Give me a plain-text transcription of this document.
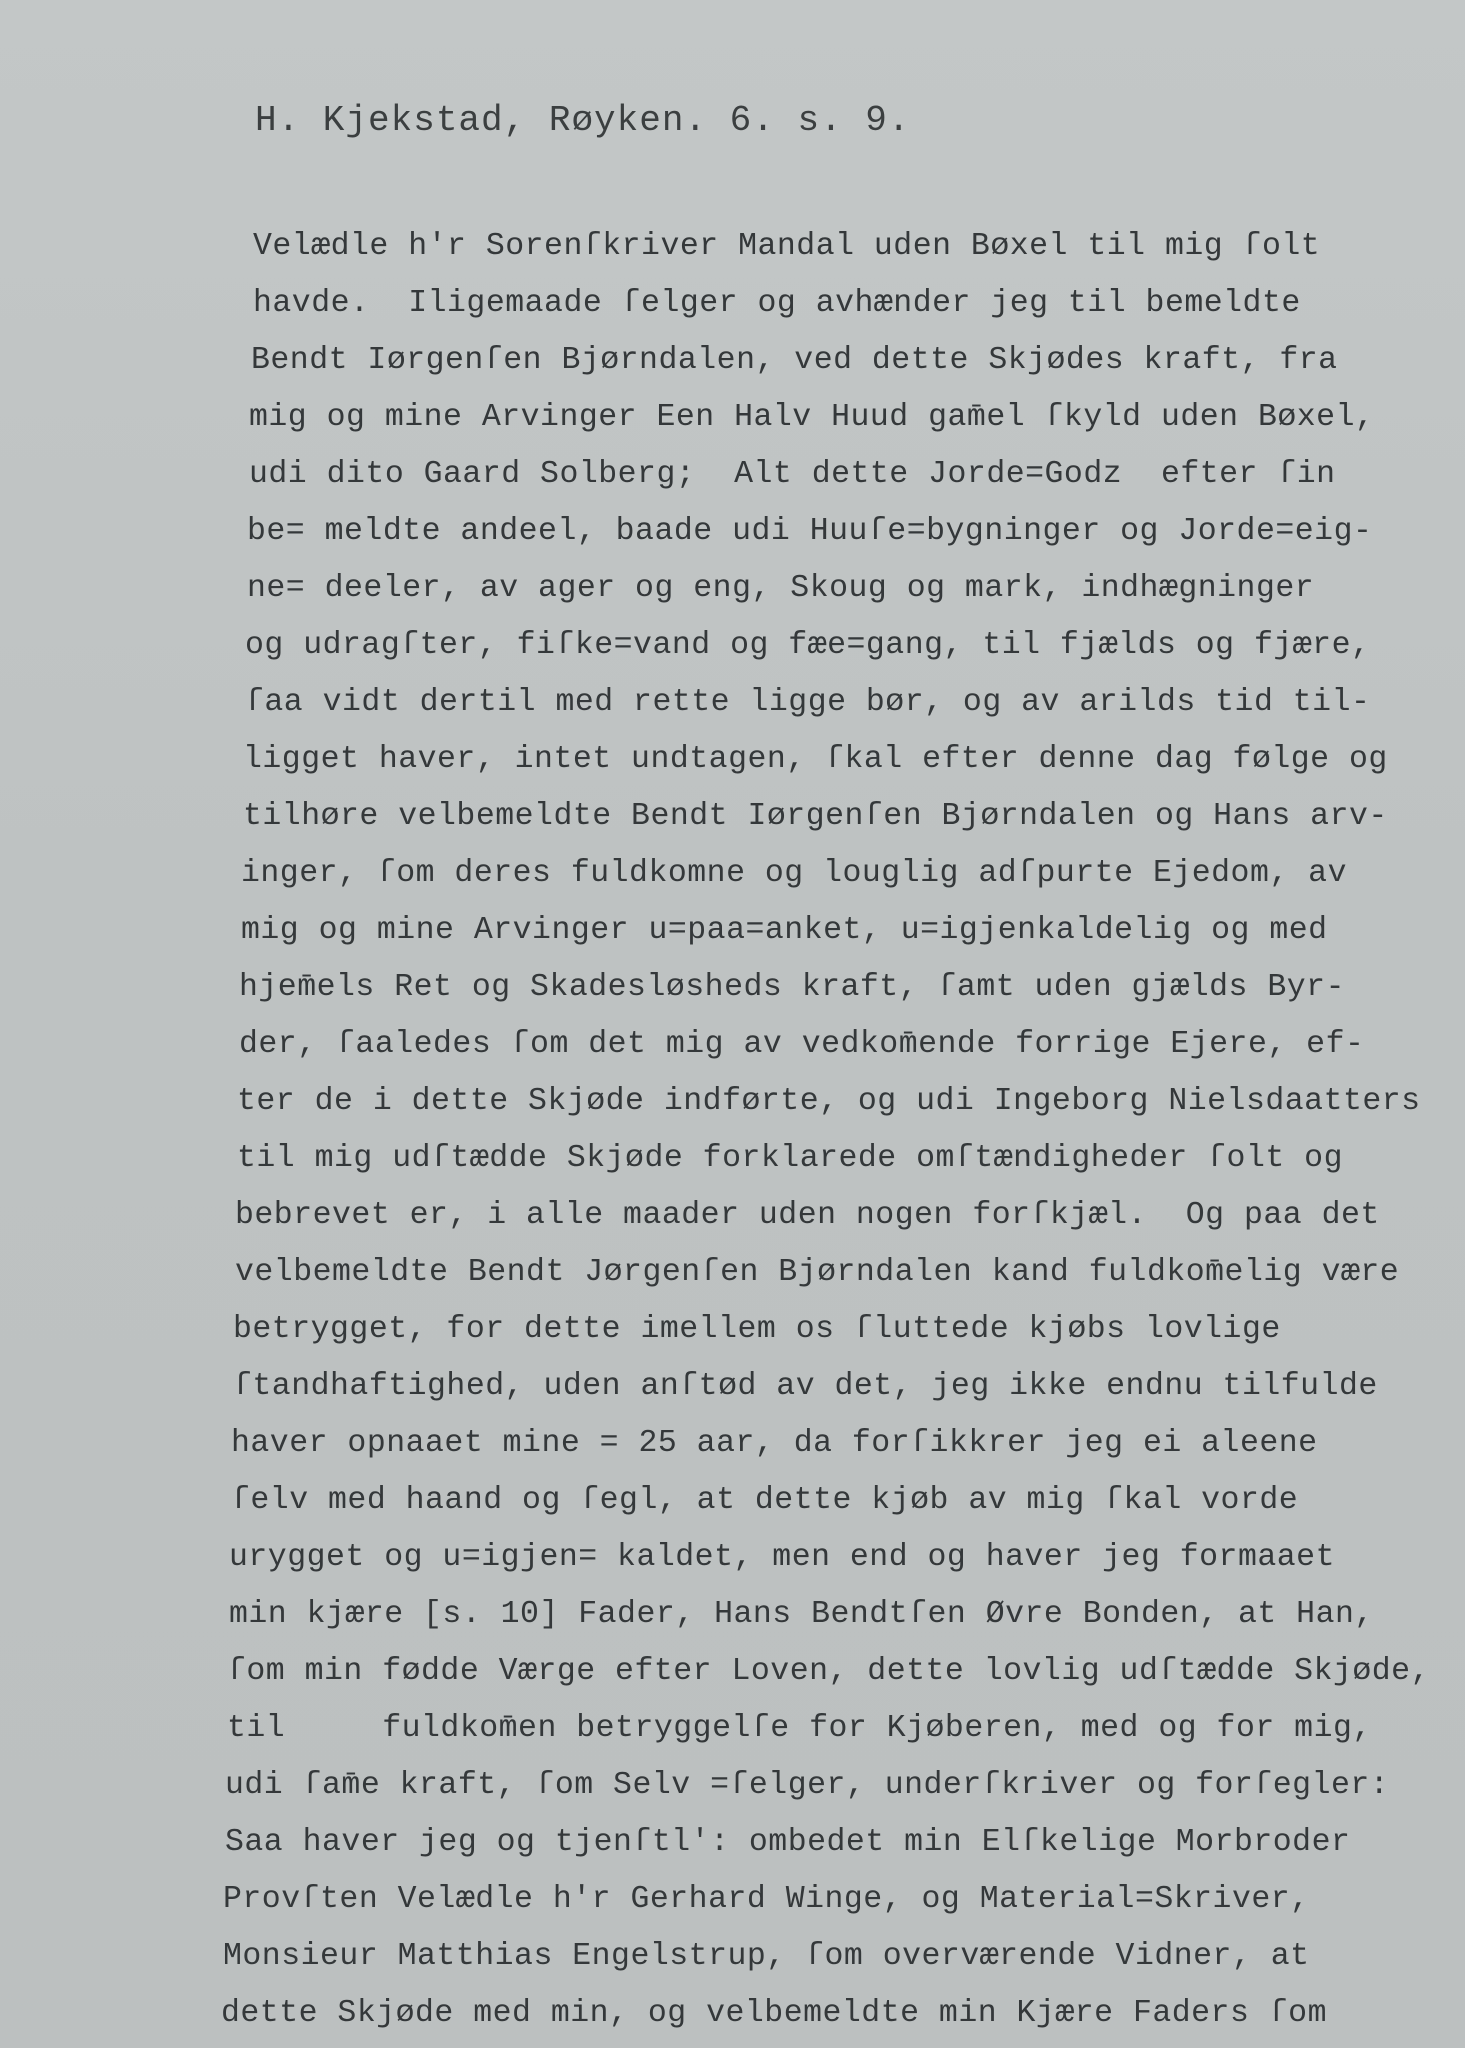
H. Kjekstad, Røyken. 6. s. 9.
Velædle hʹr Sorenſkriver Mandal uden Bøxel til mig ſolt
havde.  Iligemaade ſelger og avhænder jeg til bemeldte
Bendt Iørgenſen Bjørndalen, ved dette Skjødes kraft, fra
mig og mine Arvinger Een Halv Huud gam̄el ſkyld uden Bøxel,
udi dito Gaard Solberg;  Alt dette Jorde=Godz  efter ſin
be= meldte andeel, baade udi Huuſe=bygninger og Jorde=eig-
ne= deeler, av ager og eng, Skoug og mark, indhægninger
og udragſter, fiſke=vand og fæe=gang, til fjælds og fjære,
ſaa vidt dertil med rette ligge bør, og av arilds tid til-
ligget haver, intet undtagen, ſkal efter denne dag følge og
tilhøre velbemeldte Bendt Iørgenſen Bjørndalen og Hans arv-
inger, ſom deres fuldkomne og louglig adſpurte Ejedom, av
mig og mine Arvinger u=paa=anket, u=igjenkaldelig og med
hjem̄els Ret og Skadesløsheds kraft, ſamt uden gjælds Byr-
der, ſaaledes ſom det mig av vedkom̄ende forrige Ejere, ef-
ter de i dette Skjøde indførte, og udi Ingeborg Nielsdaatters
til mig udſtædde Skjøde forklarede omſtændigheder ſolt og
bebrevet er, i alle maader uden nogen forſkjæl.  Og paa det
velbemeldte Bendt Jørgenſen Bjørndalen kand fuldkom̄elig være
betrygget, for dette imellem os ſluttede kjøbs lovlige
ſtandhaftighed, uden anſtød av det, jeg ikke endnu tilfulde
haver opnaaet mine = 25 aar, da forſikkrer jeg ei aleene
ſelv med haand og ſegl, at dette kjøb av mig ſkal vorde
urygget og u=igjen= kaldet, men end og haver jeg formaaet
min kjære [s. 10] Fader, Hans Bendtſen Øvre Bonden, at Han,
ſom min fødde Værge efter Loven, dette lovlig udſtædde Skjøde,
til     fuldkom̄en betryggelſe for Kjøberen, med og for mig,
udi ſam̄e kraft, ſom Selv =ſelger, underſkriver og forſegler:
Saa haver jeg og tjenſtlʹ: ombedet min Elſkelige Morbroder
Provſten Velædle hʹr Gerhard Winge, og Material=Skriver,
Monsieur Matthias Engelstrup, ſom overværende Vidner, at
dette Skjøde med min, og velbemeldte min Kjære Faders ſom
